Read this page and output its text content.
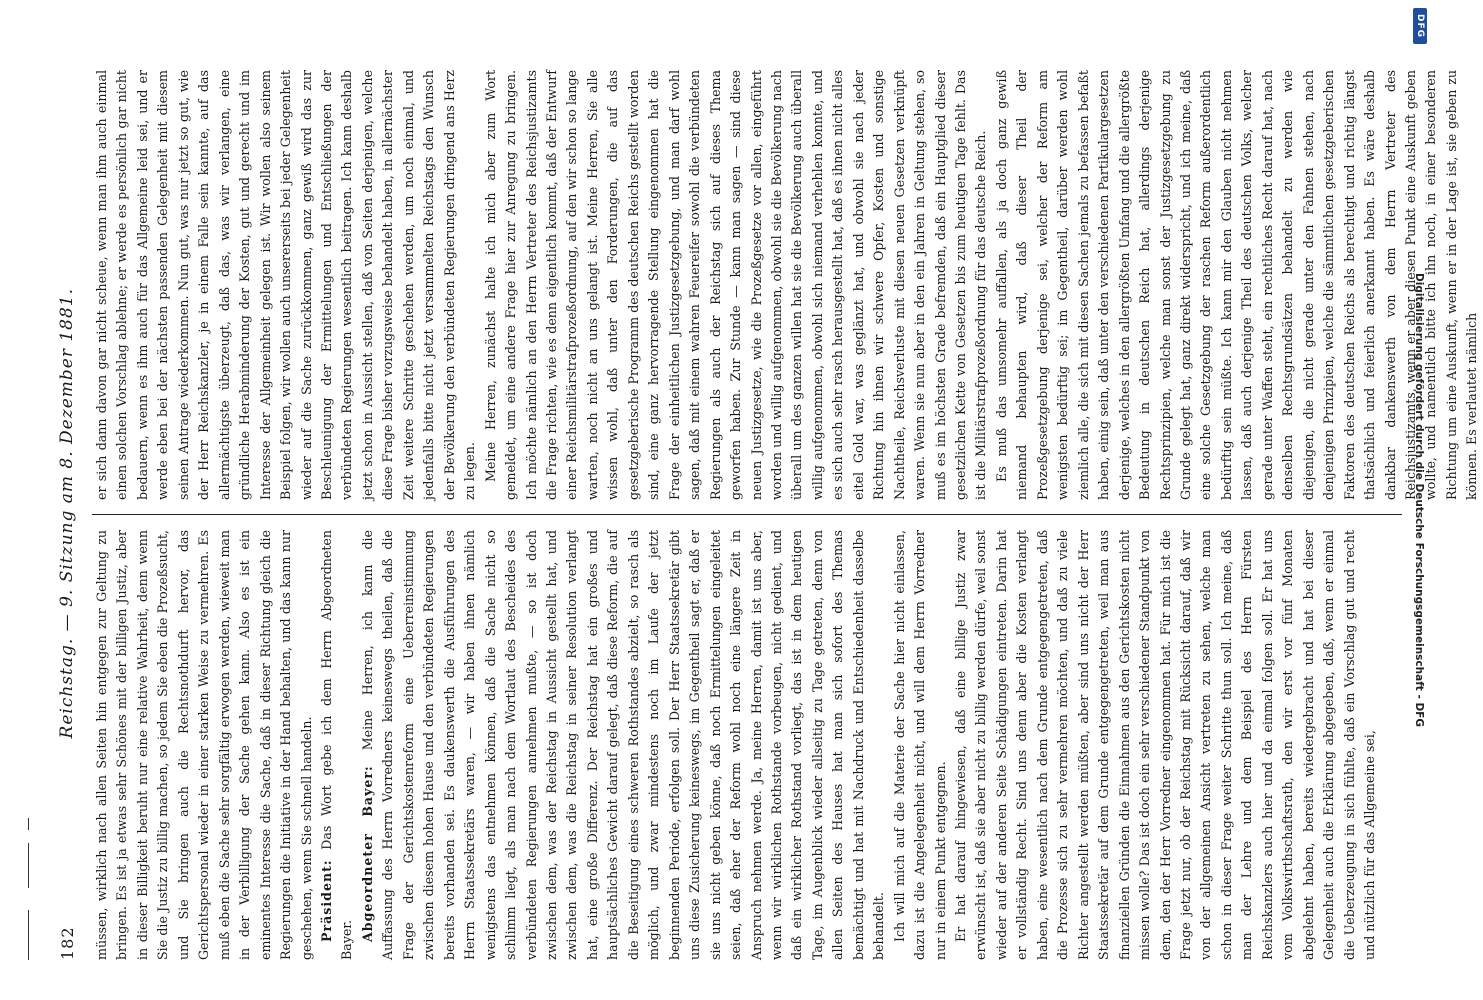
182
Reichstag. — 9. Sitzung am 8. Dezember 1881.

müssen, wirklich nach allen Seiten hin entgegen zur Geltung zu bringen. Es ist ja etwas sehr Schönes mit der billigen Justiz, aber in dieser Billigkeit beruht nur eine relative Wahrheit, denn wenn Sie die Justiz zu billig machen, so jedem Sie eben die Prozeßsucht, und Sie bringen auch die Rechtsnothdurft hervor, das Gerichtspersonal wieder in einer starken Weise zu vermehren. Es muß eben die Sache sehr sorgfältig erwogen werden, wieweit man in der Verbilligung der Sache gehen kann. Also es ist ein eminentes Interesse die Sache, daß in dieser Richtung gleich die Regierungen die Initiative in der Hand behalten, und das kann nur geschehen, wenn Sie schnell handeln. Präsident: Das Wort gebe ich dem Herrn Abgeordneten Bayer. Abgeordneter Bayer: Meine Herren, ich kann die Auffassung des Herrn Vorredners keineswegs theilen, daß die Frage der Gerichtskostenreform eine Ueberreinstimmung zwischen diesem hohen Hause und den verbündeten Regierungen bereits vorhanden sei. Es daukenswerth die Ausführungen des Herrn Staatssekretärs waren, — wir haben ihnen nämlich wenigstens das entnehmen können, daß die Sache nicht so schlimm liegt, als man nach dem Wortlaut des Bescheides des verbündeten Regierungen annehmen mußte, — so ist doch zwischen dem, was der Reichstag in Aussicht gestellt hat, und zwischen dem, was die Reichstag in seiner Resolution verlangt hat, eine große Differenz. Der Reichstag hat ein großes und hauptsächliches Gewicht darauf gelegt, daß diese Reform, die auf die Beseitigung eines schweren Rothstandes abzielt, so rasch als möglich, und zwar mindestens noch im Laufe der jetzt beginnenden Periode, erfolgen soll. Der Herr Staatssekretär gibt uns diese Zusicherung keineswegs, im Gegentheil sagt er, daß er sie uns nicht geben könne, daß noch Ermittelungen eingeleitet seien, daß eher der Reform wohl noch eine längere Zeit in Anspruch nehmen werde. Ja, meine Herren, damit ist uns aber, wenn wir wirklichen Rothstande vorbeugen, nicht gedient, und daß ein wirklicher Rothstand vorliegt, das ist in dem heutigen Tage, im Augenblick wieder allseitig zu Tage getreten, denn von allen Seiten des Hauses hat man sich sofort des Themas bemächtigt und hat mit Nachdruck und Entschiedenheit dasselbe behandelt. Ich will mich auf die Materie der Sache hier nicht einlassen, dazu ist die Angelegenheit nicht, und will dem Herrn Vorredner nur in einem Punkt entgegnen. Er hat darauf hingewiesen, daß eine billige Justiz zwar erwünscht ist, daß sie aber nicht zu billig werden dürfe, weil sonst wieder auf der anderen Seite Schädigungen eintreten. Darin hat er vollständig Recht. Sind uns denn aber die Kosten verlangt haben, eine wesentlich nach dem Grunde entgegengetreten, daß die Prozesse sich zu sehr vermehren möchten, und daß zu viele Richter angestellt werden müßten, aber sind uns nicht der Herr Staatssekretär auf dem Grunde entgegengetreten, weil man aus finanziellen Gründen die Einnahmen aus den Gerichtskosten nicht missen wolle? Das ist doch ein sehr verschiedener Standpunkt von dem, den der Herr Vorredner eingenommen hat. Für mich ist die Frage jetzt nur, ob der Reichstag mit Rücksicht darauf, daß wir von der allgemeinen Ansicht vertreten zu sehen, welche man schon in dieser Frage weiter Schritte thun soll. Ich meine, daß man der Lehre und dem Beispiel des Herrn Fürsten Reichskanzlers auch hier und da einmal folgen soll. Er hat uns vom Volkswirthschaftsrath, den wir erst vor fünf Monaten abgelehnt haben, bereits wiedergebracht und hat bei dieser Gelegenheit auch die Erklärung abgegeben, daß, wenn er einmal die Ueberzeugung in sich fühlte, daß ein Vorschlag gut und recht und nützlich für das Allgemeine sei,

er sich dann davon gar nicht scheue, wenn man ihm auch einmal einen solchen Vorschlag ablehne; er werde es persönlich gar nicht bedauern, wenn es ihm auch für das Allgemeine leid sei, und er werde eben bei der nächsten passenden Gelegenheit mit diesem seinen Antrage wiederkommen. Nun gut, was nur jetzt so gut, wie der Herr Reichskanzler, je in einem Falle sein kannte, auf das allermächtigste überzeugt, daß das, was wir verlangen, eine gründliche Herabminderung der Kosten, gut und gerecht und im Interesse der Allgemeinheit gelegen ist. Wir wollen also seinem Beispiel folgen, wir wollen auch unsererseits bei jeder Gelegenheit wieder auf die Sache zurückkommen, ganz gewiß wird das zur Beschleunigung der Ermittelungen und Entschließungen der verbündeten Regierungen wesentlich beitragen. Ich kann deshalb jetzt schon in Aussicht stellen, daß von Seiten derjenigen, welche diese Frage bisher vorzugsweise behandelt haben, in allernächster Zeit weitere Schritte geschehen werden, um noch einmal, und jedenfalls bitte nicht jetzt versammelten Reichstags den Wunsch der Bevölkerung den verbündeten Regierungen dringend ans Herz zu legen. Meine Herren, zunächst halte ich mich aber zum Wort gemeldet, um eine andere Frage hier zur Anregung zu bringen. Ich möchte nämlich an den Herrn Vertreter des Reichsjustizamts die Frage richten, wie es denn eigentlich kommt, daß der Entwurf einer Reichsmilitärstrafprozeßordnung, auf den wir schon so lange warten, noch nicht an uns gelangt ist. Meine Herren, Sie alle wissen wohl, daß unter den Forderungen, die auf das gesetzgeberische Programm des deutschen Reichs gestellt worden sind, eine ganz hervorragende Stellung eingenommen hat die Frage der einheitlichen Justizgesetzgebung, und man darf wohl sagen, daß mit einem wahren Feuereifer sowohl die verbündeten Regierungen als auch der Reichstag sich auf dieses Thema geworfen haben. Zur Stunde — kann man sagen — sind diese neuen Justizgesetze, wie die Prozeßgesetze vor allen, eingeführt worden und willig aufgenommen, obwohl sie die Bevölkerung nach überall um des ganzen willen hat sie die Bevölkerung auch überall willig aufgenommen, obwohl sich niemand verhehlen konnte, und es sich auch sehr rasch herausgestellt hat, daß es ihnen nicht alles eitel Gold war, was geglänzt hat, und obwohl sie nach jeder Richtung hin ihnen wir schwere Opfer, Kosten und sonstige Nachtheile, Reichsverluste mit diesen neuen Gesetzen verknüpft waren. Wenn sie nun aber in den ein Jahren in Geltung stehen, so muß es im höchsten Grade befremden, daß ein Hauptglied dieser gesetzlichen Kette von Gesetzen bis zum heutigen Tage fehlt. Das ist die Militärstrafprozeßordnung für das deutsche Reich. Es muß das umsomehr auffallen, als ja doch ganz gewiß niemand behaupten wird, daß dieser Theil der Prozeßgesetzgebung derjenige sei, welcher der Reform am wenigsten bedürftig sei; im Gegentheil, darüber werden wohl ziemlich alle, die sich mit diesen Sachen jemals zu befassen befaßt haben, einig sein, daß unter den verschiedenen Partikulargesetzen derjenige, welches in den allergrößten Umfang und die allergrößte Bedeutung in deutschen Reich hat, allerdings derjenige Rechtsprinzipien, welche man sonst der Justizgesetzgebung zu Grunde gelegt hat, ganz direkt widerspricht, und ich meine, daß eine solche Gesetzgebung der raschen Reform außerordentlich bedürftig sein müßte. Ich kann mir den Glauben nicht nehmen lassen, daß auch derjenige Theil des deutschen Volks, welcher gerade unter Waffen steht, ein rechtliches Recht darauf hat, nach denselben Rechtsgrundsätzen behandelt zu werden wie diejenigen, die nicht gerade unter den Fahnen stehen, nach denjenigen Prinzipien, welche die sämmtlichen gesetzgeberischen Faktoren des deutschen Reichs als berechtigt und richtig längst thatsächlich und feierlich anerkannt haben. Es wäre deshalb dankbar dankenswerth von dem Herrn Vertreter des Reichsjustizamts, wenn er aber diesen Punkt eine Auskunft geben wollte, und namentlich bitte ich ihn noch, in einer besonderen Richtung um eine Auskunft, wenn er in der Lage ist, sie geben zu können. Es verlautet nämlich

DFG
Digitalisierung gefördert durch die Deutsche Forschungsgemeinschaft - DFG
